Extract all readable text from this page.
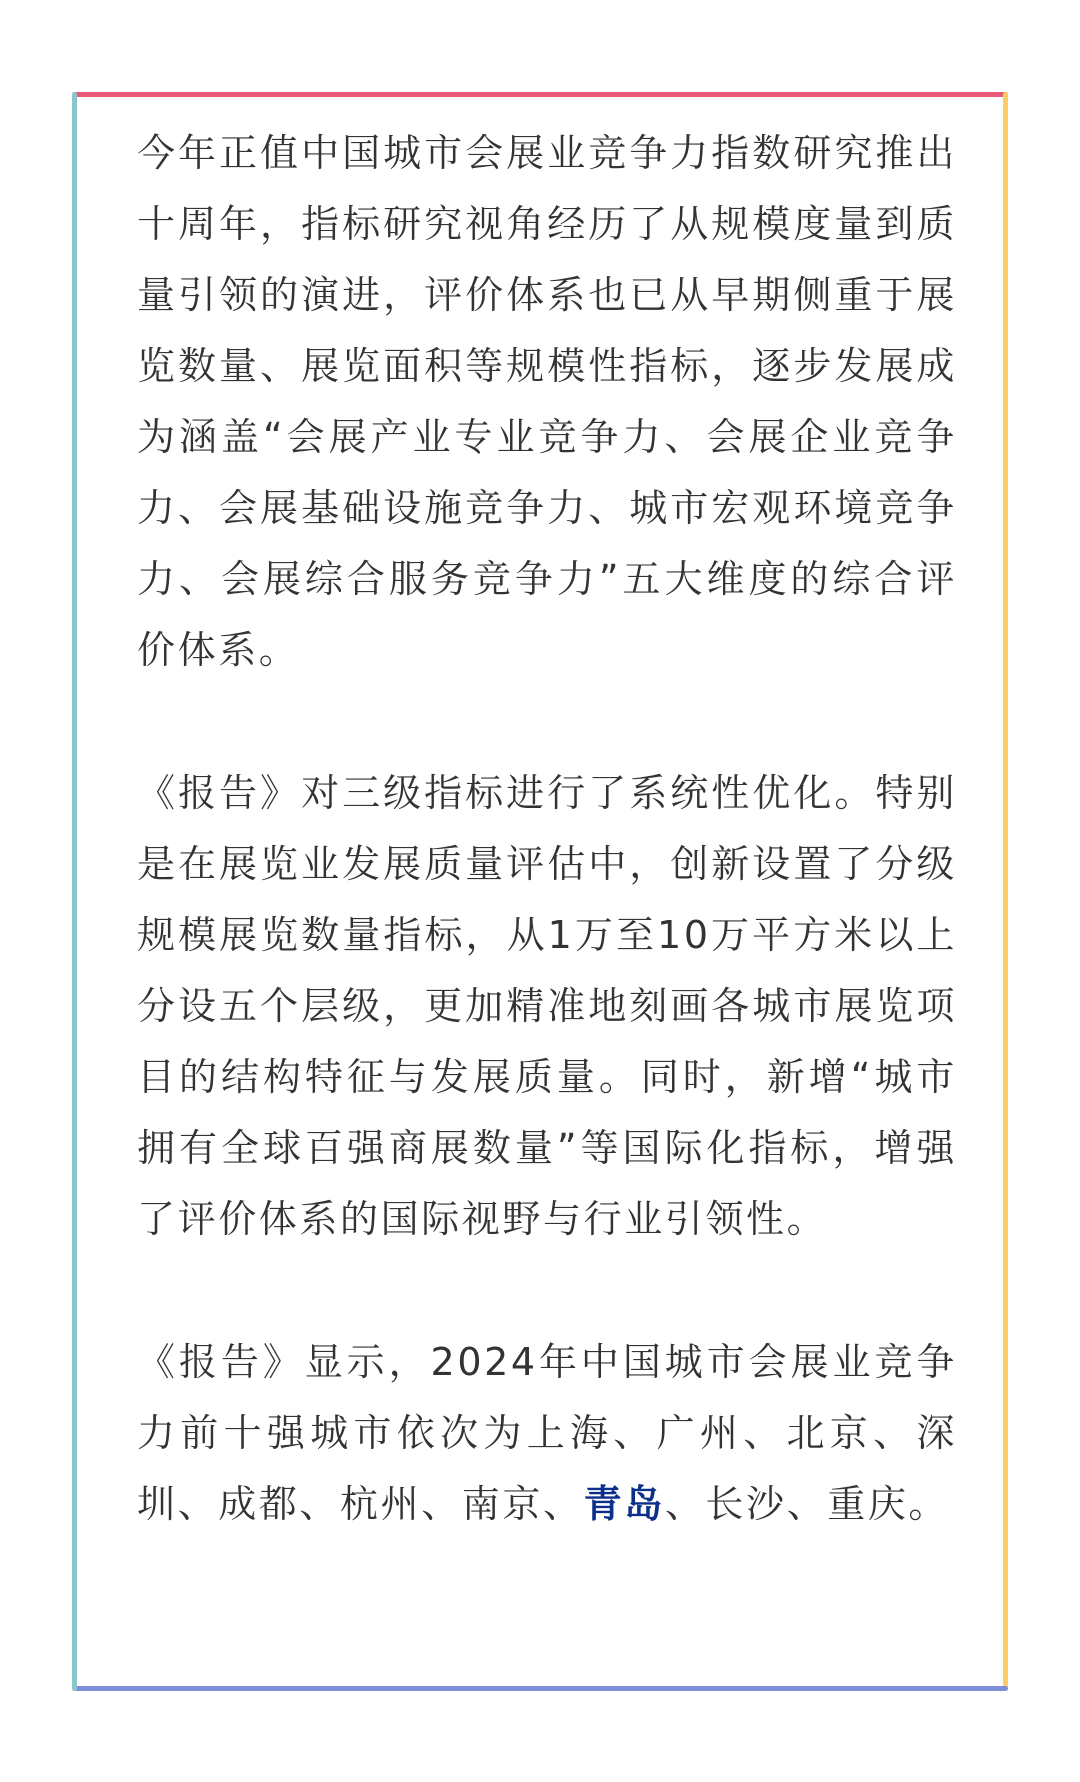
今年正值中国城市会展业竞争力指数研究推出十周年，指标研究视角经历了从规模度量到质量引领的演进，评价体系也已从早期侧重于展览数量、展览面积等规模性指标，逐步发展成为涵盖“会展产业专业竞争力、会展企业竞争力、会展基础设施竞争力、城市宏观环境竞争力、会展综合服务竞争力”五大维度的综合评价体系。

《报告》对三级指标进行了系统性优化。特别是在展览业发展质量评估中，创新设置了分级规模展览数量指标，从1万至10万平方米以上分设五个层级，更加精准地刻画各城市展览项目的结构特征与发展质量。同时，新增“城市拥有全球百强商展数量”等国际化指标，增强了评价体系的国际视野与行业引领性。

《报告》显示，2024年中国城市会展业竞争力前十强城市依次为上海、广州、北京、深圳、成都、杭州、南京、青岛、长沙、重庆。
